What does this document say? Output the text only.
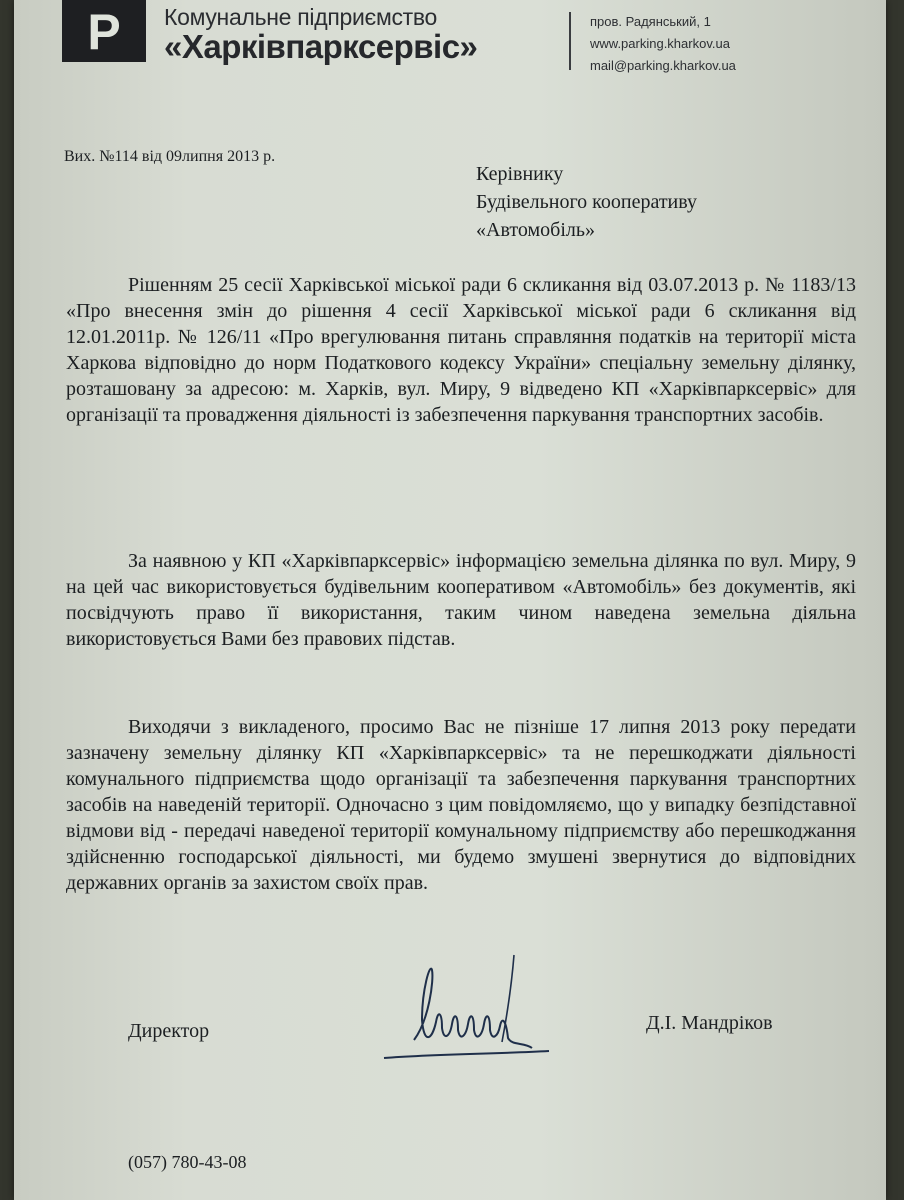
P	Комунальне підприємство
«Харківпарксервіс»
пров. Радянський, 1
www.parking.kharkov.ua
mail@parking.kharkov.ua
Вих. №114 від 09липня 2013 р.
Керівнику
Будівельного кооперативу
«Автомобіль»

Рішенням 25 сесії Харківської міської ради 6 скликання від 03.07.2013 р. № 1183/13 «Про внесення змін до рішення 4 сесії Харківської міської ради 6 скликання від 12.01.2011р. № 126/11 «Про врегулювання питань справляння податків на території міста Харкова відповідно до норм Податкового кодексу України» спеціальну земельну ділянку, розташовану за адресою: м. Харків, вул. Миру, 9 відведено КП «Харківпарксервіс» для організації та провадження діяльності із забезпечення паркування транспортних засобів.

За наявною у КП «Харківпарксервіс» інформацією земельна ділянка по вул. Миру, 9 на цей час використовується будівельним кооперативом «Автомобіль» без документів, які посвідчують право її використання, таким чином наведена земельна діяльна використовується Вами без правових підстав.

Виходячи з викладеного, просимо Вас не пізніше 17 липня 2013 року передати зазначену земельну ділянку КП «Харківпарксервіс» та не перешкоджати діяльності комунального підприємства щодо організації та забезпечення паркування транспортних засобів на наведеній території. Одночасно з цим повідомляємо, що у випадку безпідставної відмови від - передачі наведеної території комунальному підприємству або перешкоджання здійсненню господарської діяльності, ми будемо змушені звернутися до відповідних державних органів за захистом своїх прав.

Директор	Д.І. Мандріков
(057) 780-43-08
